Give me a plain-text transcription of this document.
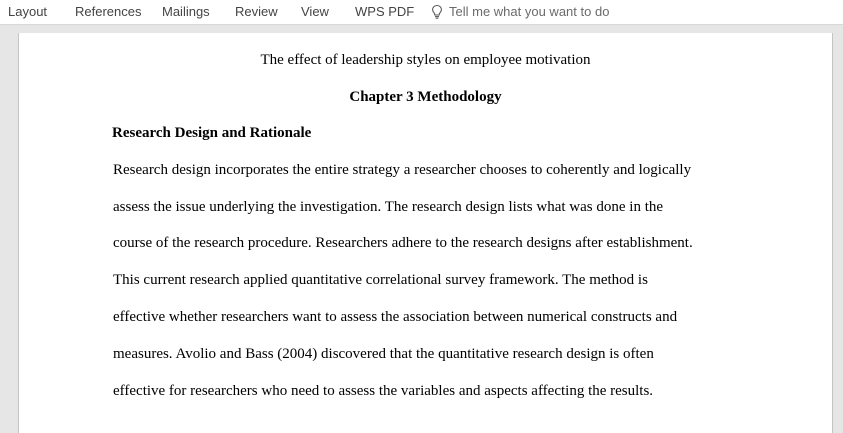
Layout References Mailings Review View WPS PDF	Tell me what you want to do
The effect of leadership styles on employee motivation
Chapter 3 Methodology
Research Design and Rationale
Research design incorporates the entire strategy a researcher chooses to coherently and logically
assess the issue underlying the investigation. The research design lists what was done in the
course of the research procedure. Researchers adhere to the research designs after establishment.
This current research applied quantitative correlational survey framework. The method is
effective whether researchers want to assess the association between numerical constructs and
measures. Avolio and Bass (2004) discovered that the quantitative research design is often
effective for researchers who need to assess the variables and aspects affecting the results.
